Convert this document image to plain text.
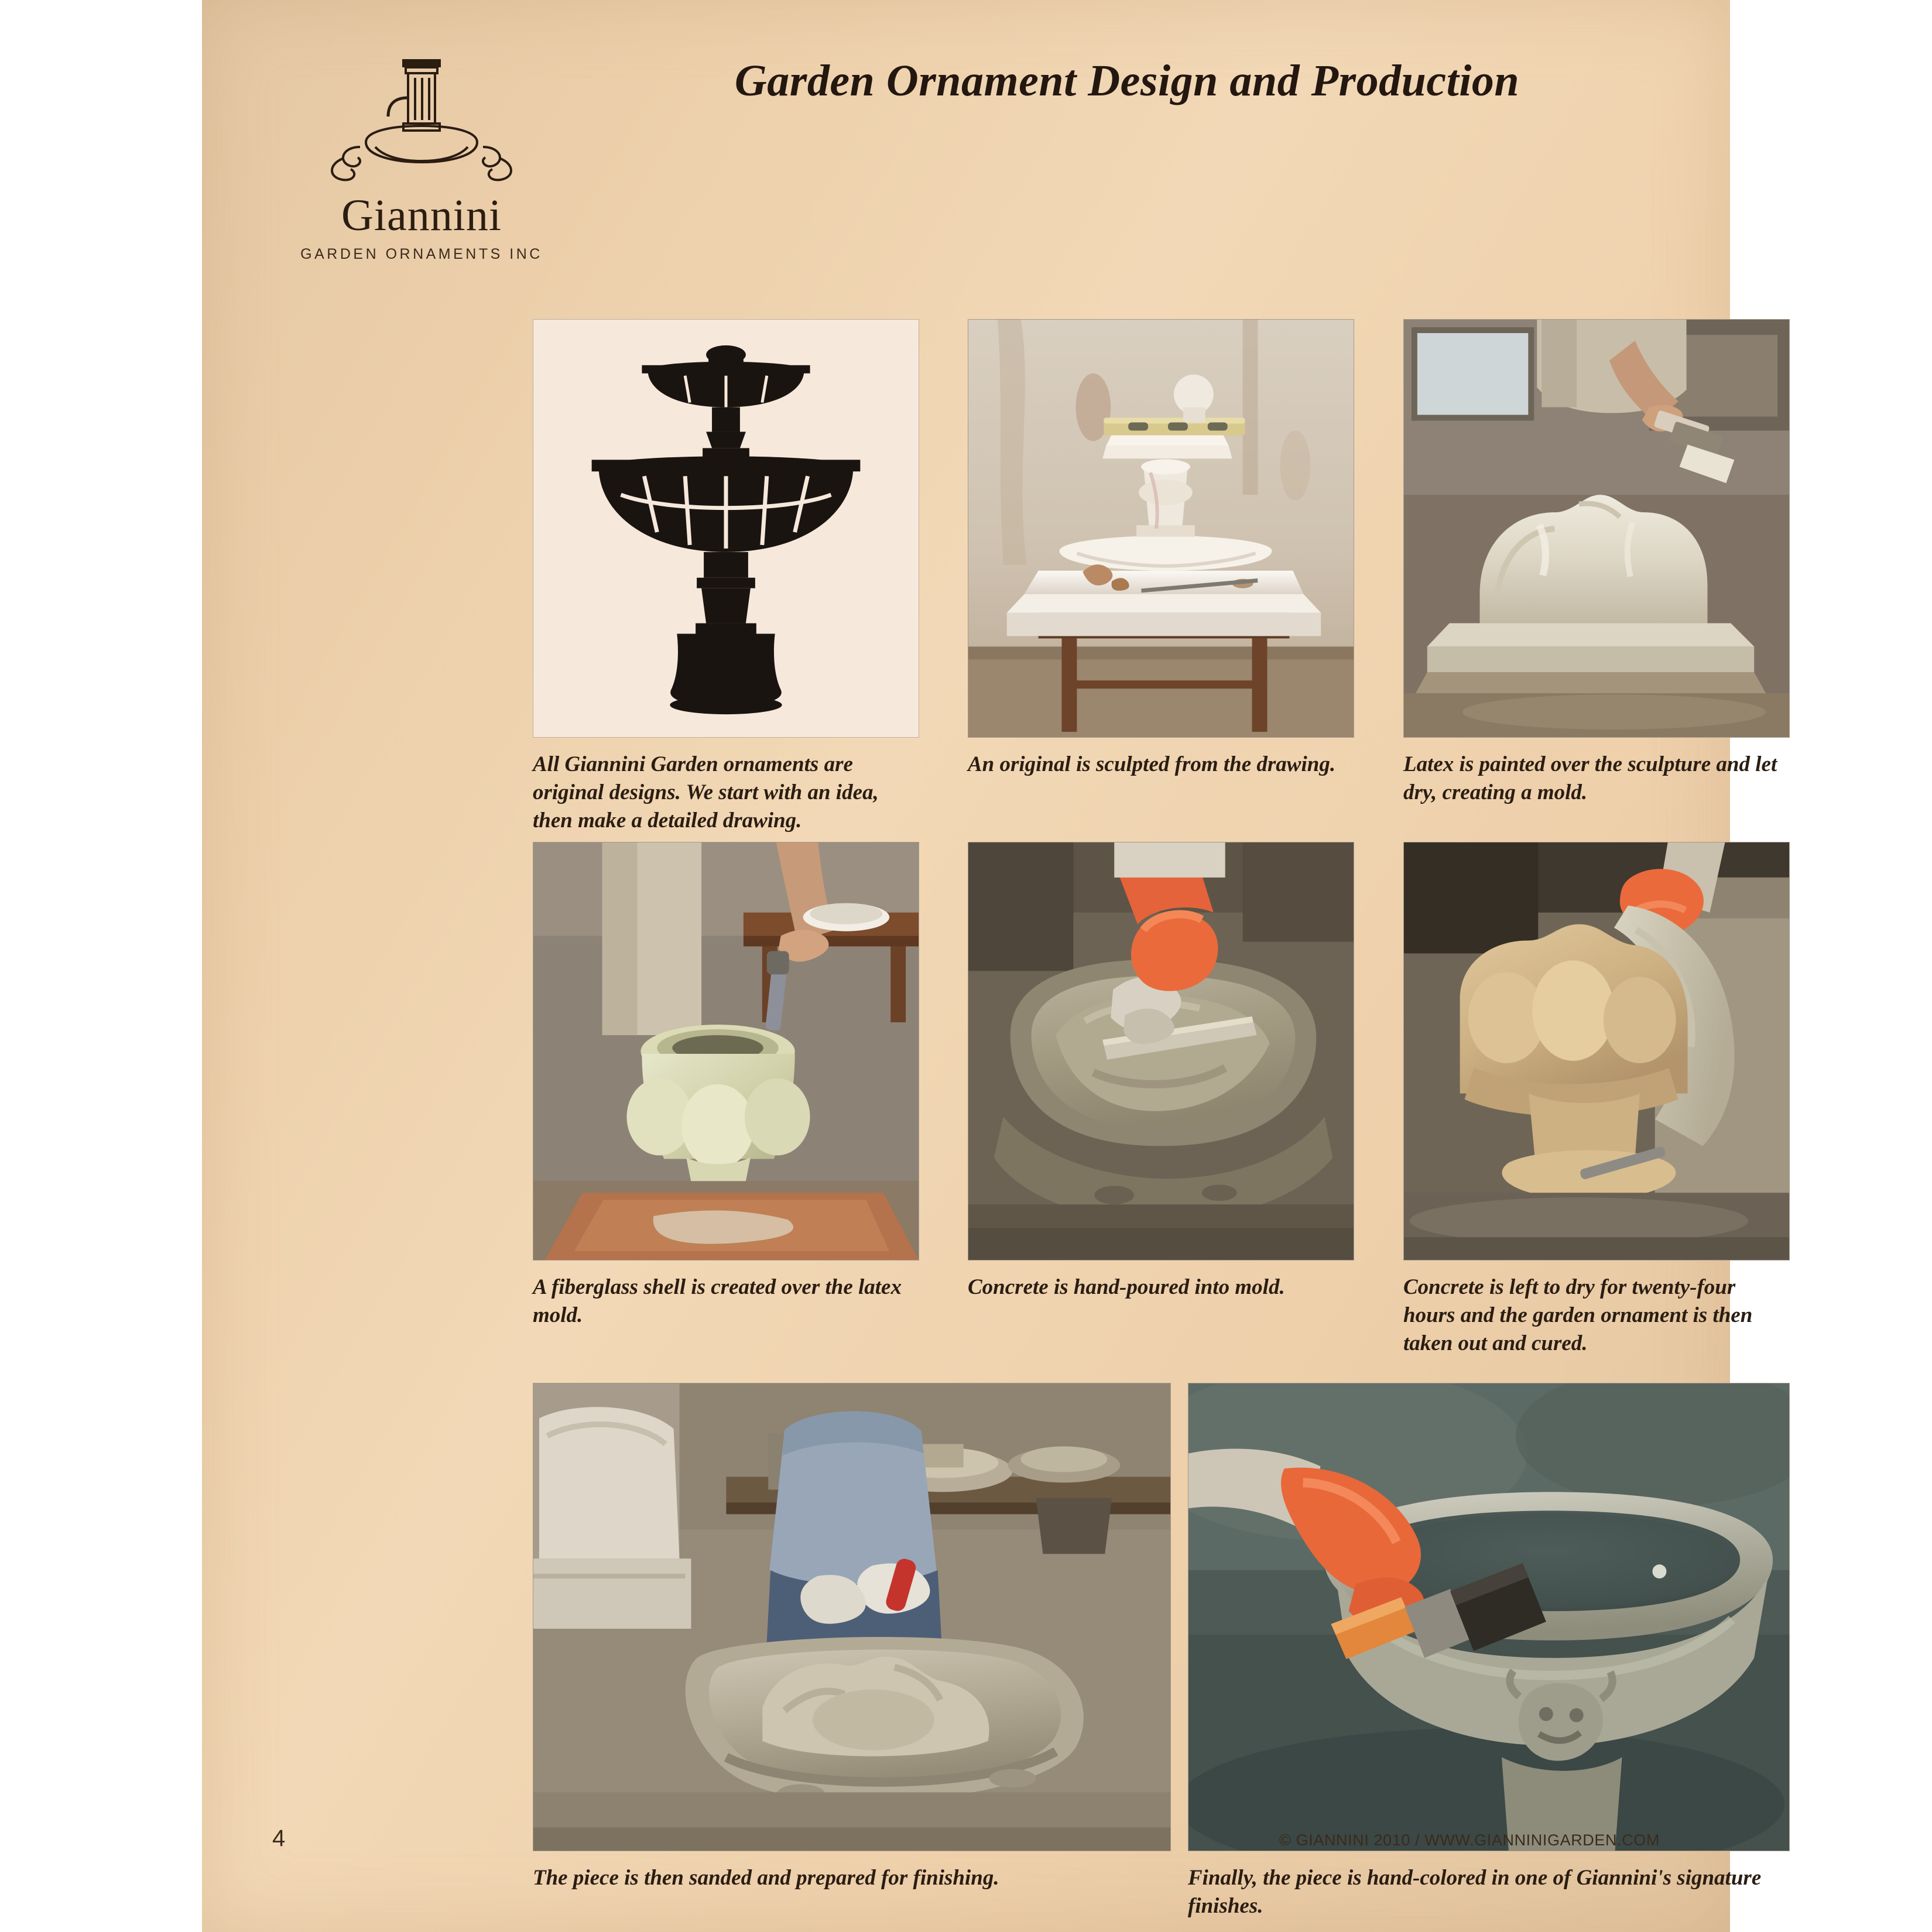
Giannini
GARDEN ORNAMENTS INC
Garden Ornament Design and Production
All Giannini Garden ornaments are original designs. We start with an idea, then make a detailed drawing.
An original is sculpted from the drawing.	Latex is painted over the sculpture and let dry, creating a mold.
A fiberglass shell is created over the latex mold.
Concrete is hand-poured into mold.	Concrete is left to dry for twenty-four hours and the garden ornament is then taken out and cured.
The piece is then sanded and prepared for finishing.	Finally, the piece is hand-colored in one of Giannini's signature finishes.
4	© GIANNINI 2010 / WWW.GIANNINIGARDEN.COM
